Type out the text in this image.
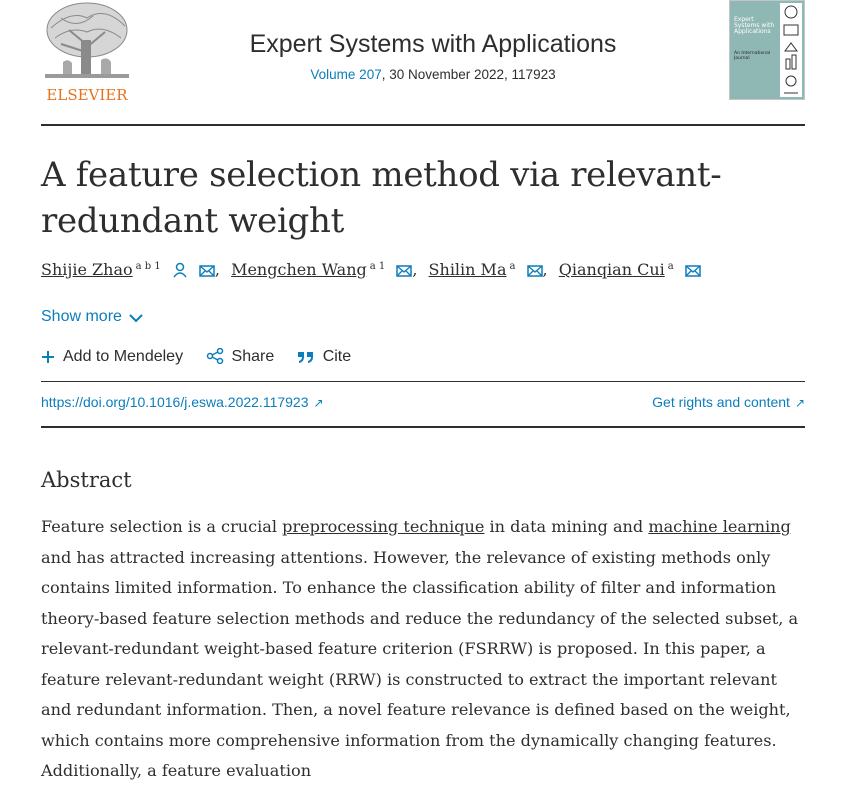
ELSEVIER
Expert Systems with Applications
Volume 207, 30 November 2022, 117923
Expert Systems with Applications
An International Journal
A feature selection method via relevant-redundant weight
Shijie Zhao $^{a b 1}$	, Mengchen Wang $^{a 1}$ , Shilin Ma $^a$ , Qianqian Cui $^a$
Show more
Add to Mendeley	Share	Cite
https://doi.org/10.1016/j.eswa.2022.117923 ↗	Get rights and content ↗
Abstract

Feature selection is a crucial preprocessing technique in data mining and machine learning and has attracted increasing attentions. However, the relevance of existing methods only contains limited information. To enhance the classification ability of filter and information theory-based feature selection methods and reduce the redundancy of the selected subset, a relevant-redundant weight-based feature criterion (FSRRW) is proposed. In this paper, a feature relevant-redundant weight (RRW) is constructed to extract the important relevant and redundant information. Then, a novel feature relevance is defined based on the weight, which contains more comprehensive information from the dynamically changing features. Additionally, a feature evaluation
